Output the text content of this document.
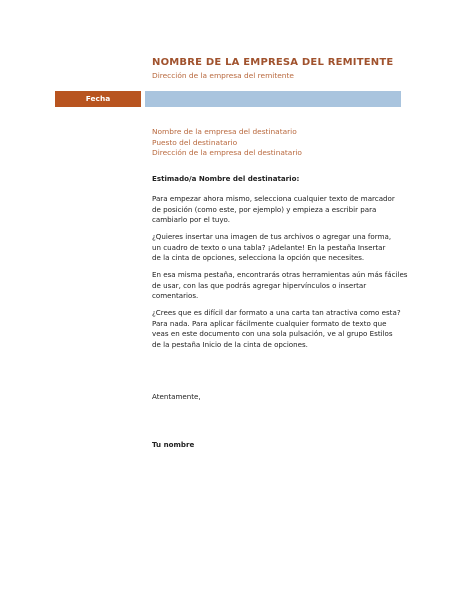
NOMBRE DE LA EMPRESA DEL REMITENTE
Dirección de la empresa del remitente
Fecha
Nombre de la empresa del destinatario
Puesto del destinatario
Dirección de la empresa del destinatario
Estimado/a Nombre del destinatario:
Para empezar ahora mismo, selecciona cualquier texto de marcador
de posición (como este, por ejemplo) y empieza a escribir para
cambiarlo por el tuyo.
¿Quieres insertar una imagen de tus archivos o agregar una forma,
un cuadro de texto o una tabla? ¡Adelante! En la pestaña Insertar
de la cinta de opciones, selecciona la opción que necesites.
En esa misma pestaña, encontrarás otras herramientas aún más fáciles
de usar, con las que podrás agregar hipervínculos o insertar
comentarios.
¿Crees que es difícil dar formato a una carta tan atractiva como esta?
Para nada. Para aplicar fácilmente cualquier formato de texto que
veas en este documento con una sola pulsación, ve al grupo Estilos
de la pestaña Inicio de la cinta de opciones.
Atentamente,
Tu nombre
